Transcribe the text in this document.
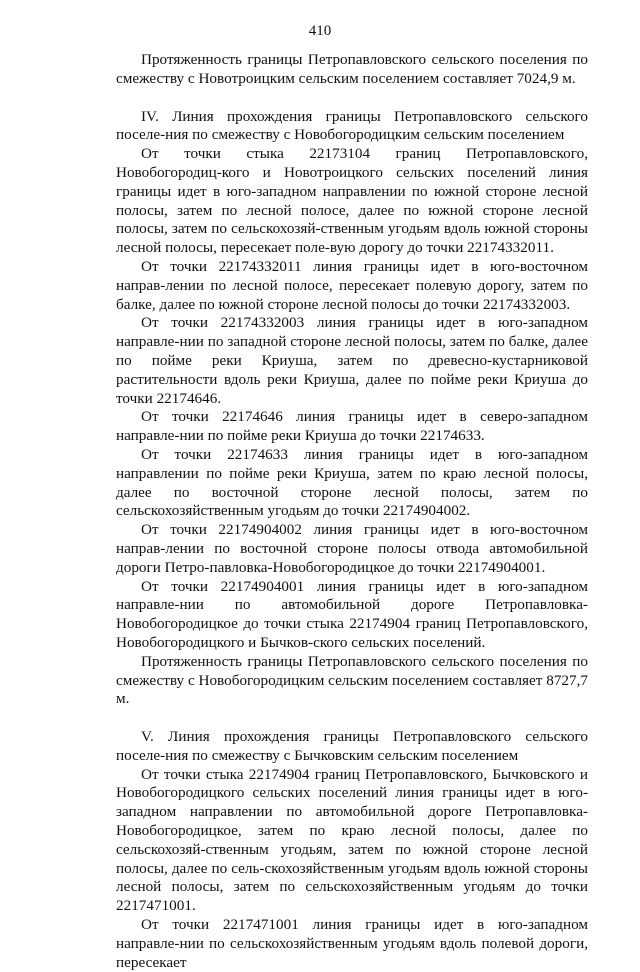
410

Протяженность границы Петропавловского сельского поселения по смежеству с Новотроицким сельским поселением составляет 7024,9 м.

IV. Линия прохождения границы Петропавловского сельского поселе-ния по смежеству с Новобогородицким сельским поселением

От точки стыка 22173104 границ Петропавловского, Новобогородиц-кого и Новотроицкого сельских поселений линия границы идет в юго-западном направлении по южной стороне лесной полосы, затем по лесной полосе, далее по южной стороне лесной полосы, затем по сельскохозяй-ственным угодьям вдоль южной стороны лесной полосы, пересекает поле-вую дорогу до точки 22174332011.

От точки 22174332011 линия границы идет в юго-восточном направ-лении по лесной полосе, пересекает полевую дорогу, затем по балке, далее по южной стороне лесной полосы до точки 22174332003.

От точки 22174332003 линия границы идет в юго-западном направле-нии по западной стороне лесной полосы, затем по балке, далее по пойме реки Криуша, затем по древесно-кустарниковой растительности вдоль реки Криуша, далее по пойме реки Криуша до точки 22174646.

От точки 22174646 линия границы идет в северо-западном направле-нии по пойме реки Криуша до точки 22174633.

От точки 22174633 линия границы идет в юго-западном направлении по пойме реки Криуша, затем по краю лесной полосы, далее по восточной стороне лесной полосы, затем по сельскохозяйственным угодьям до точки 22174904002.

От точки 22174904002 линия границы идет в юго-восточном направ-лении по восточной стороне полосы отвода автомобильной дороги Петро-павловка-Новобогородицкое до точки 22174904001.

От точки 22174904001 линия границы идет в юго-западном направле-нии по автомобильной дороге Петропавловка-Новобогородицкое до точки стыка 22174904 границ Петропавловского, Новобогородицкого и Бычков-ского сельских поселений.

Протяженность границы Петропавловского сельского поселения по смежеству с Новобогородицким сельским поселением составляет 8727,7 м.

V. Линия прохождения границы Петропавловского сельского поселе-ния по смежеству с Бычковским сельским поселением

От точки стыка 22174904 границ Петропавловского, Бычковского и Новобогородицкого сельских поселений линия границы идет в юго-западном направлении по автомобильной дороге Петропавловка-Новобогородицкое, затем по краю лесной полосы, далее по сельскохозяй-ственным угодьям, затем по южной стороне лесной полосы, далее по сель-скохозяйственным угодьям вдоль южной стороны лесной полосы, затем по сельскохозяйственным угодьям до точки 2217471001.

От точки 2217471001 линия границы идет в юго-западном направле-нии по сельскохозяйственным угодьям вдоль полевой дороги, пересекает
